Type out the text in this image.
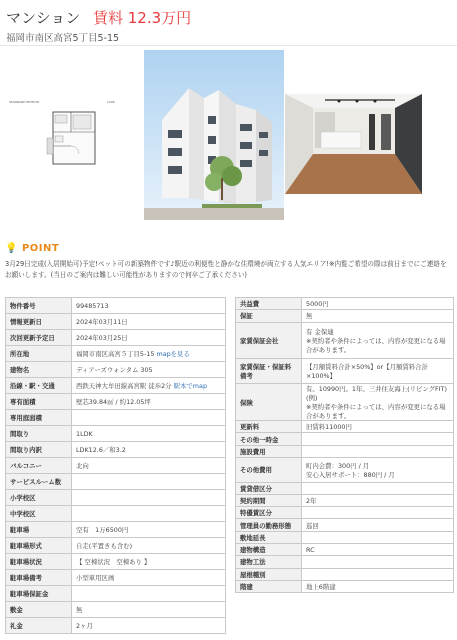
マンション 賃料 12.3万円
福岡市南区高宮5丁目5-15
STANDARD EDITION	1LDK
💡 POINT
3月29日完成(入居開始可)予定!ペット可の新築物件です♪駅近の利便性と静かな住環境が両立する人気エリア!※内覧ご希望の際は前日までにご連絡をお願いします。(当日のご案内は難しい可能性がありますので何卒ご了承ください)
物件番号	99485713
情報更新日	2024年03月11日
次回更新予定日	2024年03月25日
所在地	福岡市南区高宮５丁目5-15 mapを見る
建物名	ディアーズウォンタム 305
沿線・駅・交通	西鉄天神大牟田線高宮駅 徒歩2分 駅本でmap
専有面積	壁芯39.84㎡ / 約12.05坪
専用庭面積	
間取り	1LDK
間取り内訳	LDK12.6／和3.2
バルコニー	北向
サービスルーム数	
小学校区	
中学校区	
駐車場	空有　1万6500円
駐車場形式	自走(平置きも含む)
駐車場状況	【 空棟状況　空棟あり 】
駐車場備考	小型車用区画
駐車場保証金	
敷金	無
礼金	2ヶ月
共益費	5000円
保証	無
家賃保証会社	有 金保連
※契約者や条件によっては、内容が変更になる場合があります。
家賃保証・保証料備考	【月額賃料合計×50%】or【月額賃料合計×100%】
保険	有。10990円。1年。三井住友海上(リビングFIT)(例)
※契約者や条件によっては、内容が変更になる場合があります。
更新料	旧賃料11000円
その他一時金	
施設費用	
その他費用	町内会費：300円 / 月
安心入居サポート：880円 / 月
賃貸借区分	
契約期間	2年
特優賃区分	
管理員の勤務形態	巡回
敷地延長	
建物構造	RC
建物工法	
屋根種別	
階建	地上6階建
